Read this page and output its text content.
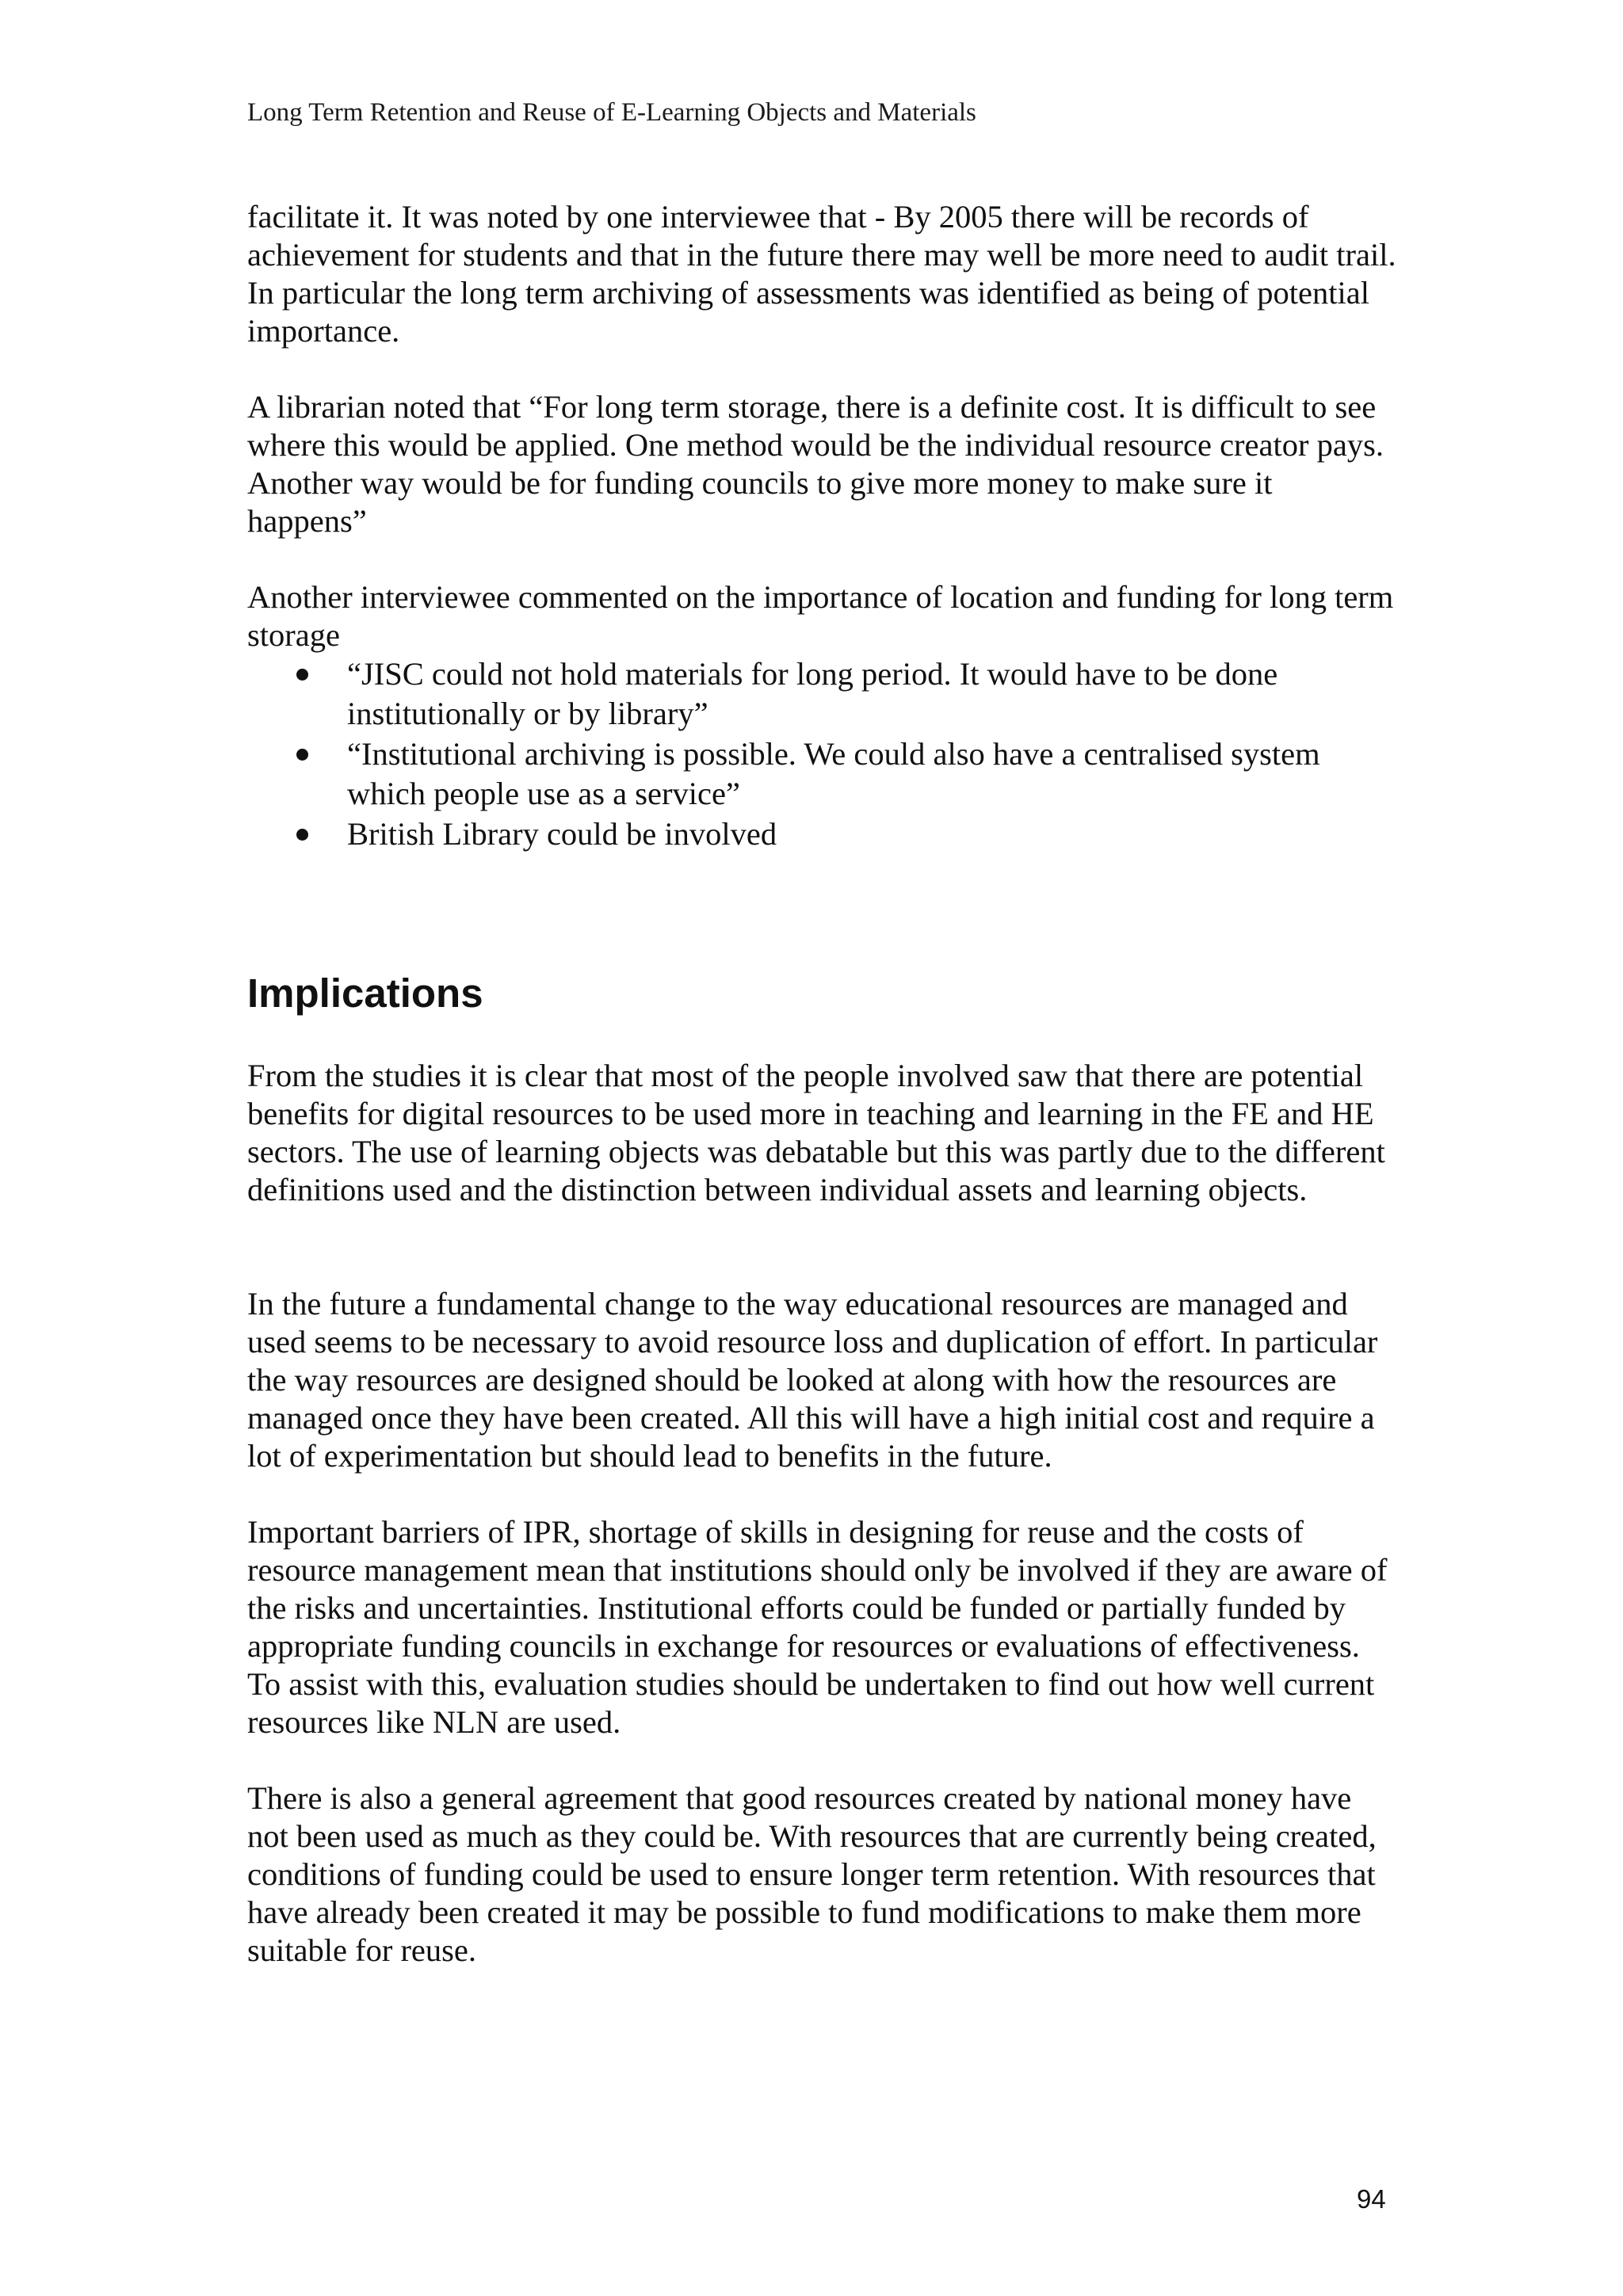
Long Term Retention and Reuse of E-Learning Objects and Materials

facilitate it. It was noted by one interviewee that - By 2005 there will be records of achievement for students and that in the future there may well be more need to audit trail. In particular the long term archiving of assessments was identified as being of potential importance.

A librarian noted that “For long term storage, there is a definite cost. It is difficult to see where this would be applied. One method would be the individual resource creator pays. Another way would be for funding councils to give more money to make sure it happens”

Another interviewee commented on the importance of location and funding for long term storage

“JISC could not hold materials for long period. It would have to be done institutionally or by library”
“Institutional archiving is possible. We could also have a centralised system which people use as a service”
British Library could be involved
Implications

From the studies it is clear that most of the people involved saw that there are potential benefits for digital resources to be used more in teaching and learning in the FE and HE sectors. The use of learning objects was debatable but this was partly due to the different definitions used and the distinction between individual assets and learning objects.

In the future a fundamental change to the way educational resources are managed and used seems to be necessary to avoid resource loss and duplication of effort. In particular the way resources are designed should be looked at along with how the resources are managed once they have been created. All this will have a high initial cost and require a lot of experimentation but should lead to benefits in the future.

Important barriers of IPR, shortage of skills in designing for reuse and the costs of resource management mean that institutions should only be involved if they are aware of the risks and uncertainties. Institutional efforts could be funded or partially funded by appropriate funding councils in exchange for resources or evaluations of effectiveness. To assist with this, evaluation studies should be undertaken to find out how well current resources like NLN are used.

There is also a general agreement that good resources created by national money have not been used as much as they could be. With resources that are currently being created, conditions of funding could be used to ensure longer term retention. With resources that have already been created it may be possible to fund modifications to make them more suitable for reuse.

94
